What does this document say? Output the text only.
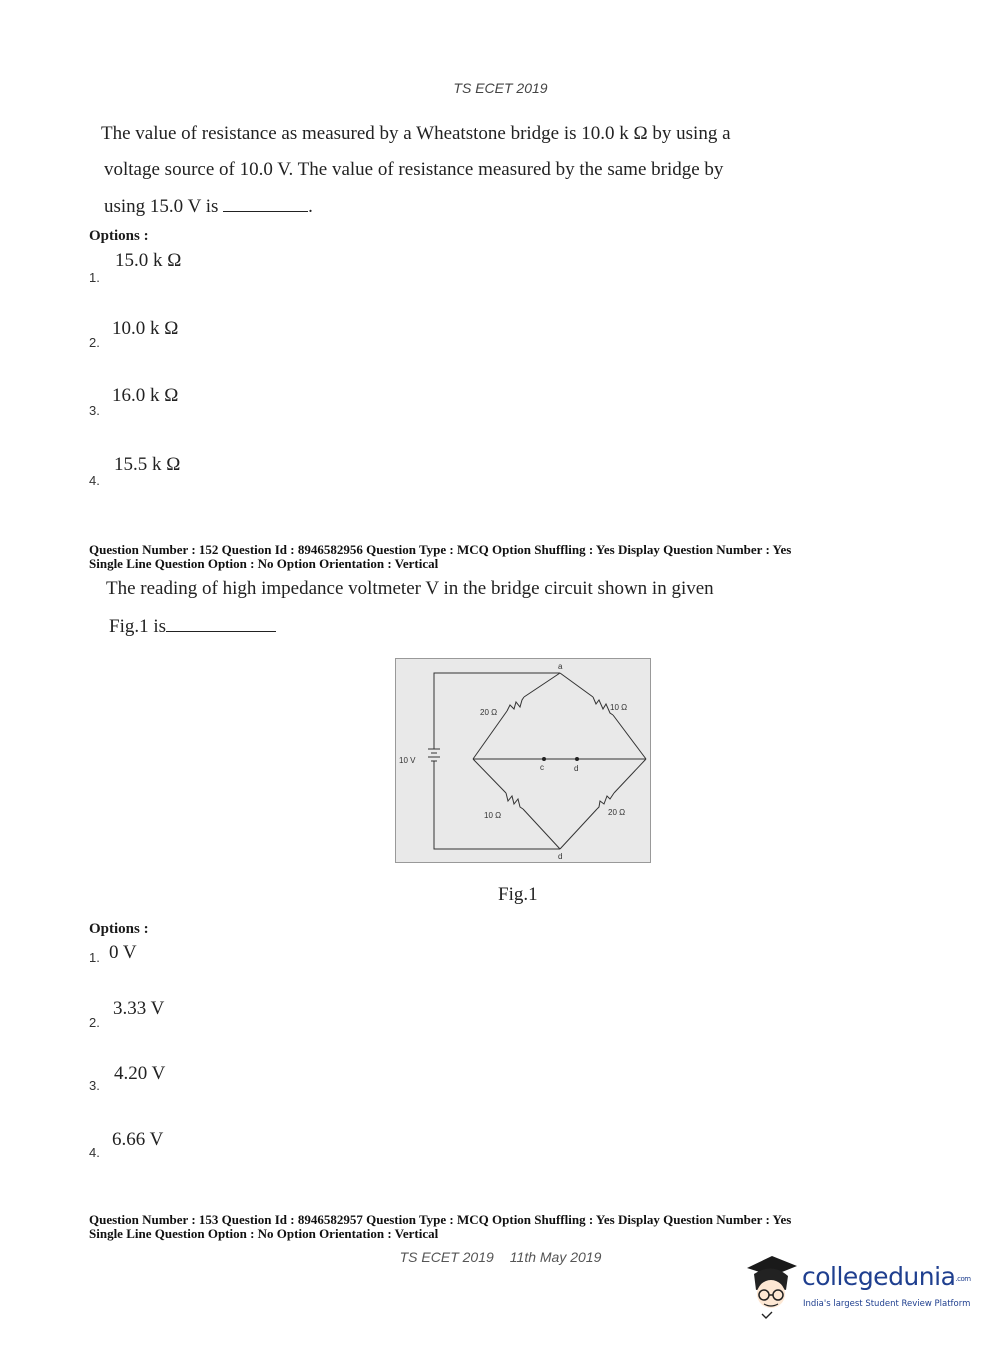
TS ECET 2019
The value of resistance as measured by a Wheatstone bridge is 10.0 k Ω by using a
voltage source of 10.0 V. The value of resistance measured by the same bridge by
using 15.0 V is	.
Options :
1.
15.0 k Ω
2.
10.0 k Ω
3.
16.0 k Ω
4.
15.5 k Ω
Question Number : 152 Question Id : 8946582956 Question Type : MCQ Option Shuffling : Yes Display Question Number : Yes
Single Line Question Option : No Option Orientation : Vertical
The reading of high impedance voltmeter V in the bridge circuit shown in given
Fig.1 is
a
20 Ω
10 Ω
10 V
c	d
10 Ω	20 Ω
d
Fig.1
Options :
1. 0 V
2.
3.33 V
3.
4.20 V
4.
6.66 V
Question Number : 153 Question Id : 8946582957 Question Type : MCQ Option Shuffling : Yes Display Question Number : Yes
Single Line Question Option : No Option Orientation : Vertical
TS ECET 2019 11th May 2019
collegedunia.com
India's largest Student Review Platform
